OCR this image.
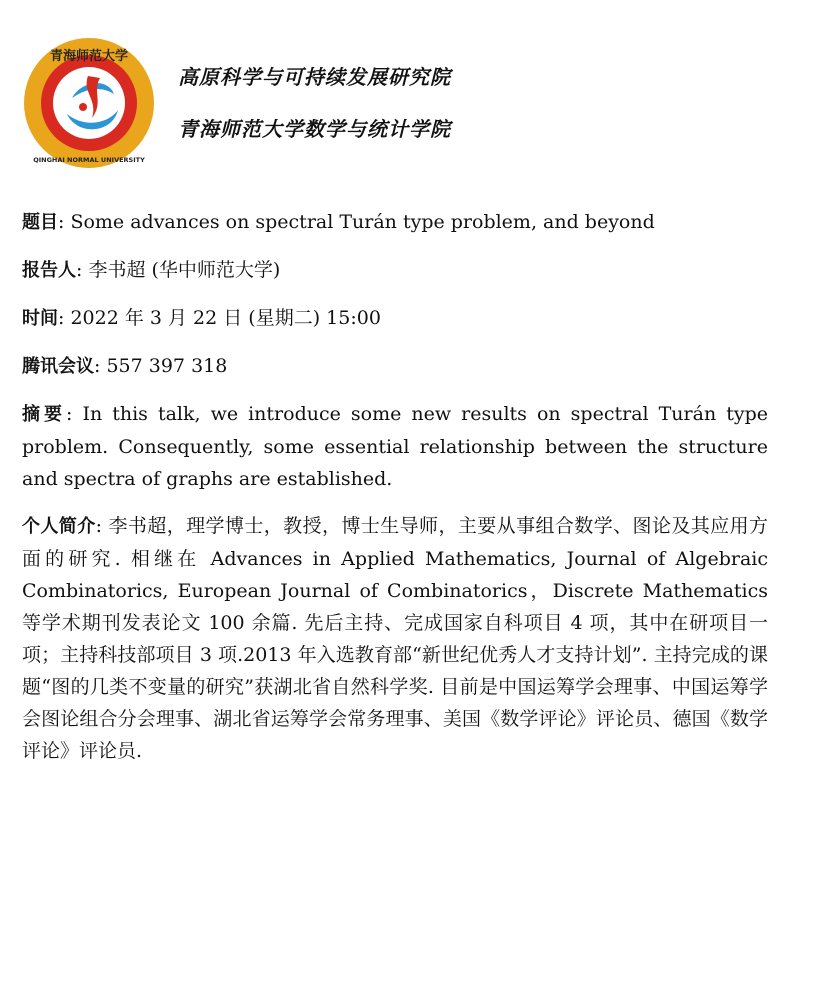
青海师范大学
QINGHAI NORMAL UNIVERSITY
高原科学与可持续发展研究院
青海师范大学数学与统计学院
题目: Some advances on spectral Turán type problem, and beyond
报告人: 李书超 (华中师范大学)
时间: 2022 年 3 月 22 日 (星期二) 15:00
腾讯会议: 557 397 318
摘要: In this talk, we introduce some new results on spectral Turán type problem. Consequently, some essential relationship between the structure and spectra of graphs are established.
个人简介: 李书超，理学博士，教授，博士生导师，主要从事组合数学、图论及其应用方面的研究. 相继在 Advances in Applied Mathematics, Journal of Algebraic Combinatorics, European Journal of Combinatorics，Discrete Mathematics 等学术期刊发表论文 100 余篇. 先后主持、完成国家自科项目 4 项，其中在研项目一项；主持科技部项目 3 项.2013 年入选教育部“新世纪优秀人才支持计划”. 主持完成的课题“图的几类不变量的研究”获湖北省自然科学奖. 目前是中国运筹学会理事、中国运筹学会图论组合分会理事、湖北省运筹学会常务理事、美国《数学评论》评论员、德国《数学评论》评论员.
